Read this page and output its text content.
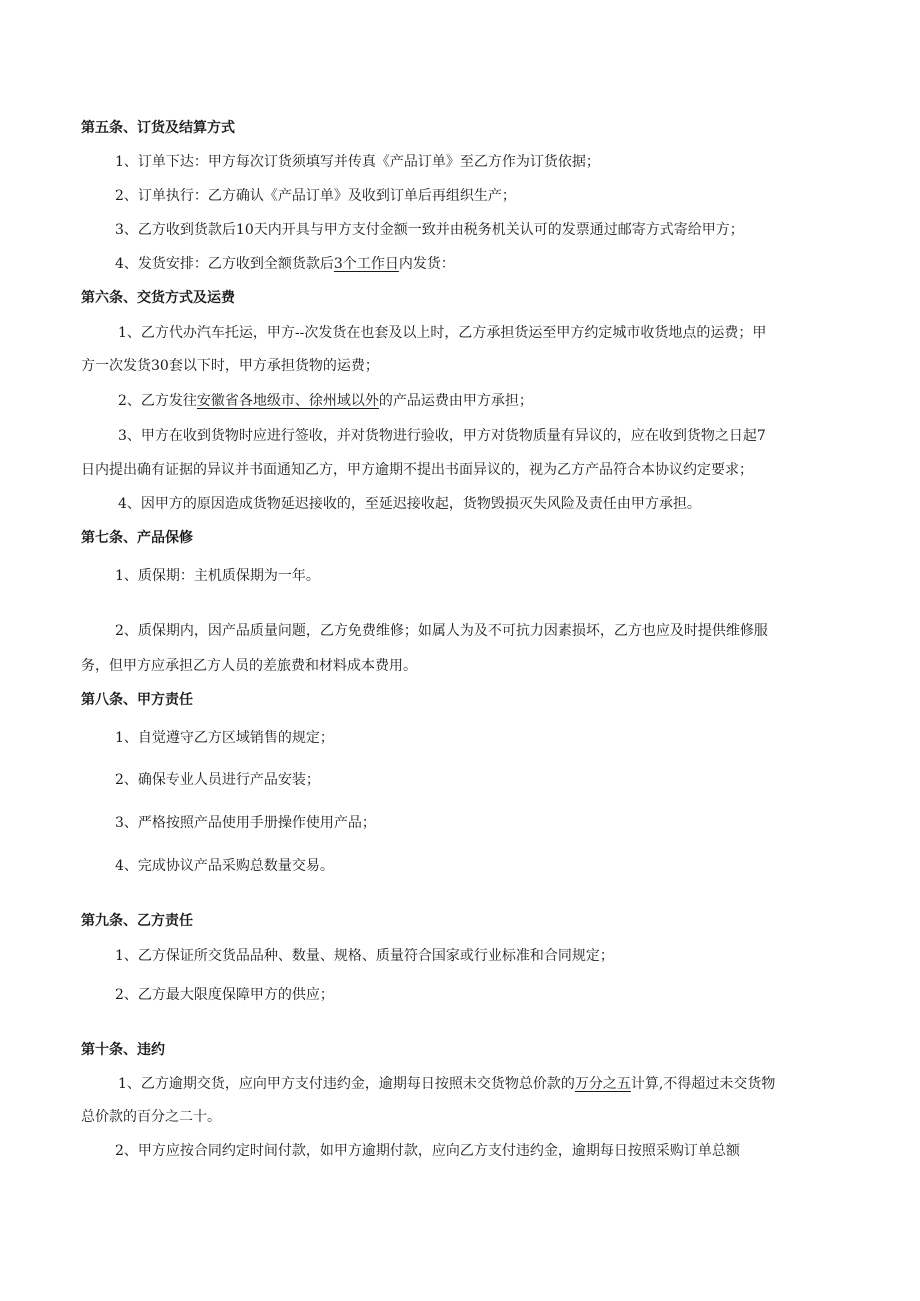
第五条、订货及结算方式
1、订单下达：甲方每次订货须填写并传真《产品订单》至乙方作为订货依据；
2、订单执行：乙方确认《产品订单》及收到订单后再组织生产；
3、乙方收到货款后10天内开具与甲方支付金额一致并由税务机关认可的发票通过邮寄方式寄给甲方；
4、发货安排：乙方收到全额货款后3个工作日内发货：
第六条、交货方式及运费
1、乙方代办汽车托运，甲方--次发货在也套及以上时，乙方承担货运至甲方约定城市收货地点的运费；甲
方一次发货30套以下时，甲方承担货物的运费；
2、乙方发往安徽省各地级市、徐州域以外的产品运费由甲方承担；
3、甲方在收到货物时应进行签收，并对货物进行验收，甲方对货物质量有异议的，应在收到货物之日起7
日内提出确有证据的异议并书面通知乙方，甲方逾期不提出书面异议的，视为乙方产品符合本协议约定要求；
4、因甲方的原因造成货物延迟接收的，至延迟接收起，货物毁损灭失风险及责任由甲方承担。
第七条、产品保修
1、质保期：主机质保期为一年。
2、质保期内，因产品质量问题，乙方免费维修；如属人为及不可抗力因素损坏，乙方也应及时提供维修服
务，但甲方应承担乙方人员的差旅费和材料成本费用。
第八条、甲方责任
1、自觉遵守乙方区域销售的规定；
2、确保专业人员进行产品安装；
3、严格按照产品使用手册操作使用产品；
4、完成协议产品采购总数量交易。
第九条、乙方责任
1、乙方保证所交货品品种、数量、规格、质量符合国家或行业标准和合同规定；
2、乙方最大限度保障甲方的供应；
第十条、违约
1、乙方逾期交货，应向甲方支付违约金，逾期每日按照未交货物总价款的万分之五计算,不得超过未交货物
总价款的百分之二十。
2、甲方应按合同约定时间付款，如甲方逾期付款，应向乙方支付违约金，逾期每日按照采购订单总额
